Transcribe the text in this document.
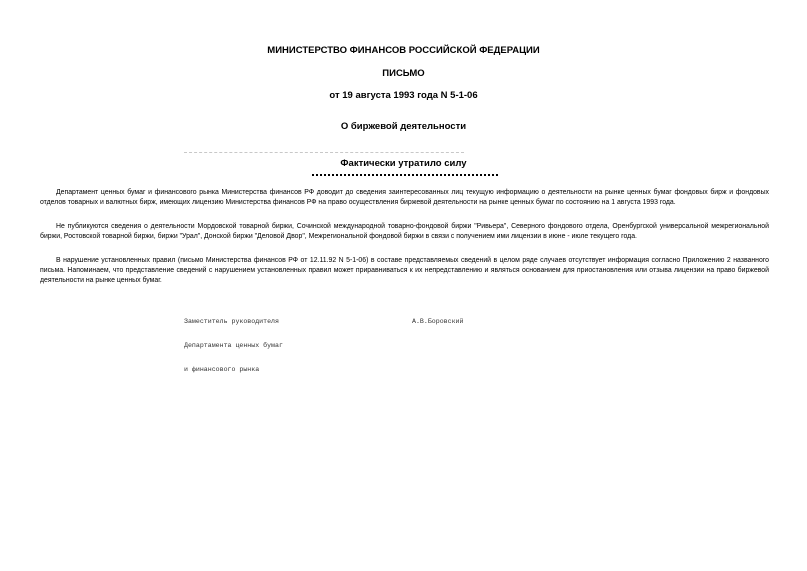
МИНИСТЕРСТВО ФИНАНСОВ РОССИЙСКОЙ ФЕДЕРАЦИИ
ПИСЬМО
от 19 августа 1993 года N 5-1-06
О биржевой деятельности
Фактически утратило силу

Департамент ценных бумаг и финансового рынка Министерства финансов РФ доводит до сведения заинтересованных лиц текущую информацию о деятельности на рынке ценных бумаг фондовых бирж и фондовых отделов товарных и валютных бирж, имеющих лицензию Министерства финансов РФ на право осуществления биржевой деятельности на рынке ценных бумаг по состоянию на 1 августа 1993 года.

Не публикуются сведения о деятельности Мордовской товарной биржи, Сочинской международной товарно-фондовой биржи "Ривьера", Северного фондового отдела, Оренбургской универсальной межрегиональной биржи, Ростовской товарной биржи, биржи "Урал", Донской биржи "Деловой Двор", Межрегиональной фондовой биржи в связи с получением ими лицензии в июне - июле текущего года.

В нарушение установленных правил (письмо Министерства финансов РФ от 12.11.92 N 5-1-06) в составе представляемых сведений в целом ряде случаев отсутствует информация согласно Приложению 2 названного письма. Напоминаем, что представление сведений с нарушением установленных правил может приравниваться к их непредставлению и являться основанием для приостановления или отзыва лицензии на право биржевой деятельности на рынке ценных бумаг.

Заместитель руководителя

Департамента ценных бумаг

и финансового рынка

А.В.Боровский
